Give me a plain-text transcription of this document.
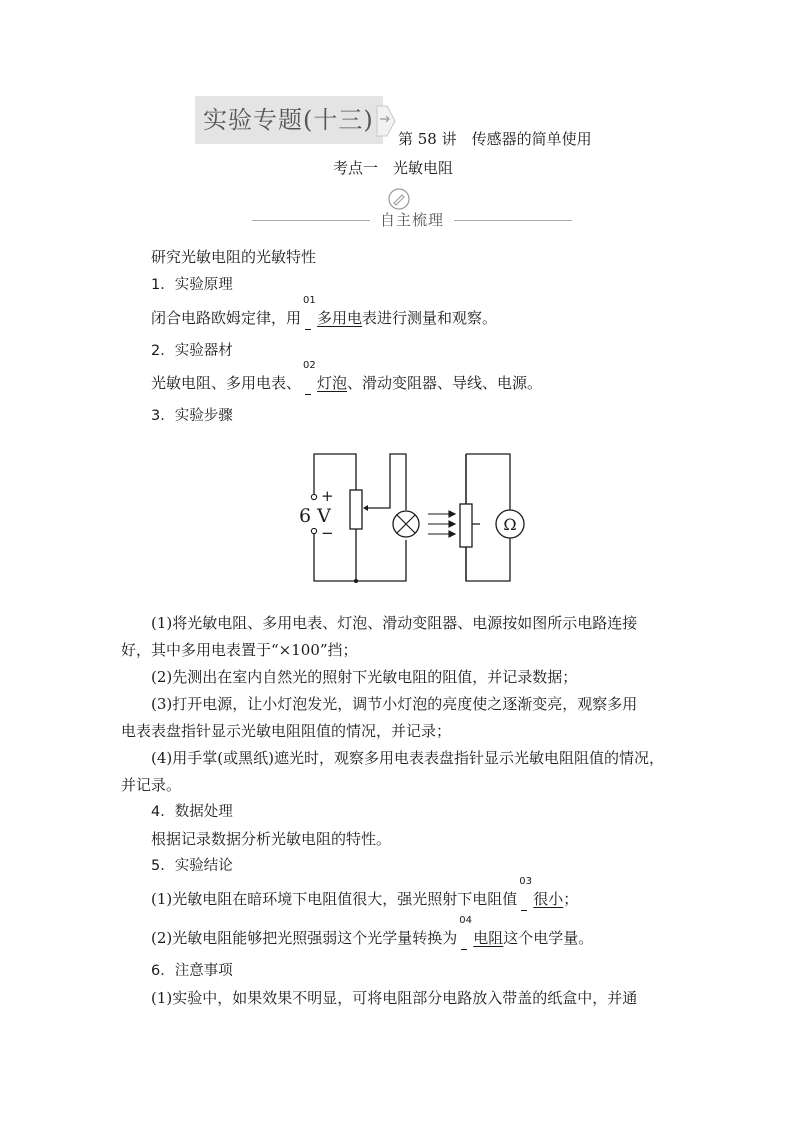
实验专题(十三)
第 58 讲　传感器的简单使用
考点一　光敏电阻
自主梳理
研究光敏电阻的光敏特性
1．实验原理
闭合电路欧姆定律，用
01
多用电表进行测量和观察。
2．实验器材
光敏电阻、多用电表、
02
灯泡、滑动变阻器、导线、电源。
3．实验步骤
Ω
+
6 V
−
(1)将光敏电阻、多用电表、灯泡、滑动变阻器、电源按如图所示电路连接
好，其中多用电表置于“×100”挡；
(2)先测出在室内自然光的照射下光敏电阻的阻值，并记录数据；
(3)打开电源，让小灯泡发光，调节小灯泡的亮度使之逐渐变亮，观察多用
电表表盘指针显示光敏电阻阻值的情况，并记录；
(4)用手掌(或黑纸)遮光时，观察多用电表表盘指针显示光敏电阻阻值的情况，
并记录。
4．数据处理
根据记录数据分析光敏电阻的特性。
5．实验结论
(1)光敏电阻在暗环境下电阻值很大，强光照射下电阻值
03
很小；
(2)光敏电阻能够把光照强弱这个光学量转换为
04
电阻这个电学量。
6．注意事项
(1)实验中，如果效果不明显，可将电阻部分电路放入带盖的纸盒中，并通
